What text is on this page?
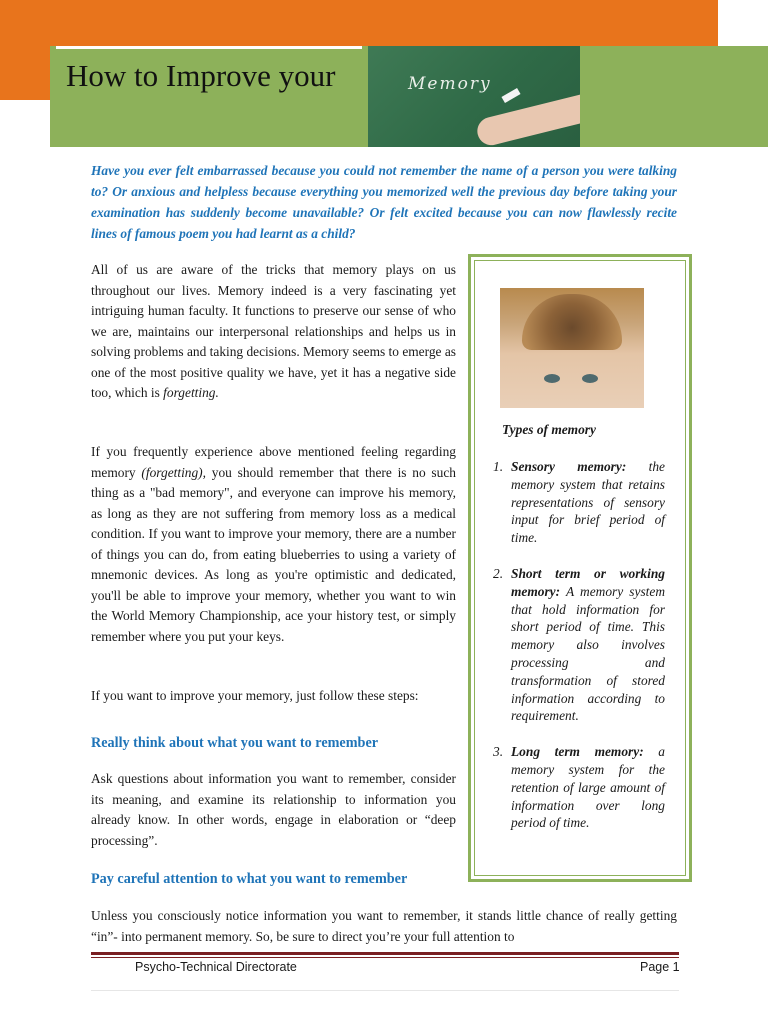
How to Improve your	Memory

Have you ever felt embarrassed because you could not remember the name of a person you were talking to? Or anxious and helpless because everything you memorized well the previous day before taking your examination has suddenly become unavailable? Or felt excited because you can now flawlessly recite lines of famous poem you had learnt as a child?

All of us are aware of the tricks that memory plays on us throughout our lives. Memory indeed is a very fascinating yet intriguing human faculty. It functions to preserve our sense of who we are, maintains our interpersonal relationships and helps us in solving problems and taking decisions. Memory seems to emerge as one of the most positive quality we have, yet it has a negative side too, which is forgetting.

If you frequently experience above mentioned feeling regarding memory (forgetting), you should remember that there is no such thing as a "bad memory", and everyone can improve his memory, as long as they are not suffering from memory loss as a medical condition. If you want to improve your memory, there are a number of things you can do, from eating blueberries to using a variety of mnemonic devices. As long as you're optimistic and dedicated, you'll be able to improve your memory, whether you want to win the World Memory Championship, ace your history test, or simply remember where you put your keys.

If you want to improve your memory, just follow these steps:

Really think about what you want to remember

Ask questions about information you want to remember, consider its meaning, and examine its relationship to information you already know. In other words, engage in elaboration or “deep processing”.

Pay careful attention to what you want to remember

Unless you consciously notice information you want to remember, it stands little chance of really getting “in”- into permanent memory. So, be sure to direct you’re your full attention to

Types of memory

1. Sensory memory: the memory system that retains representations of sensory input for brief period of time.
2. Short term or working memory: A memory system that hold information for short period of time. This memory also involves processing and transformation of stored information according to requirement.
3. Long term memory: a memory system for the retention of large amount of information over long period of time.
Psycho-Technical Directorate	Page 1
